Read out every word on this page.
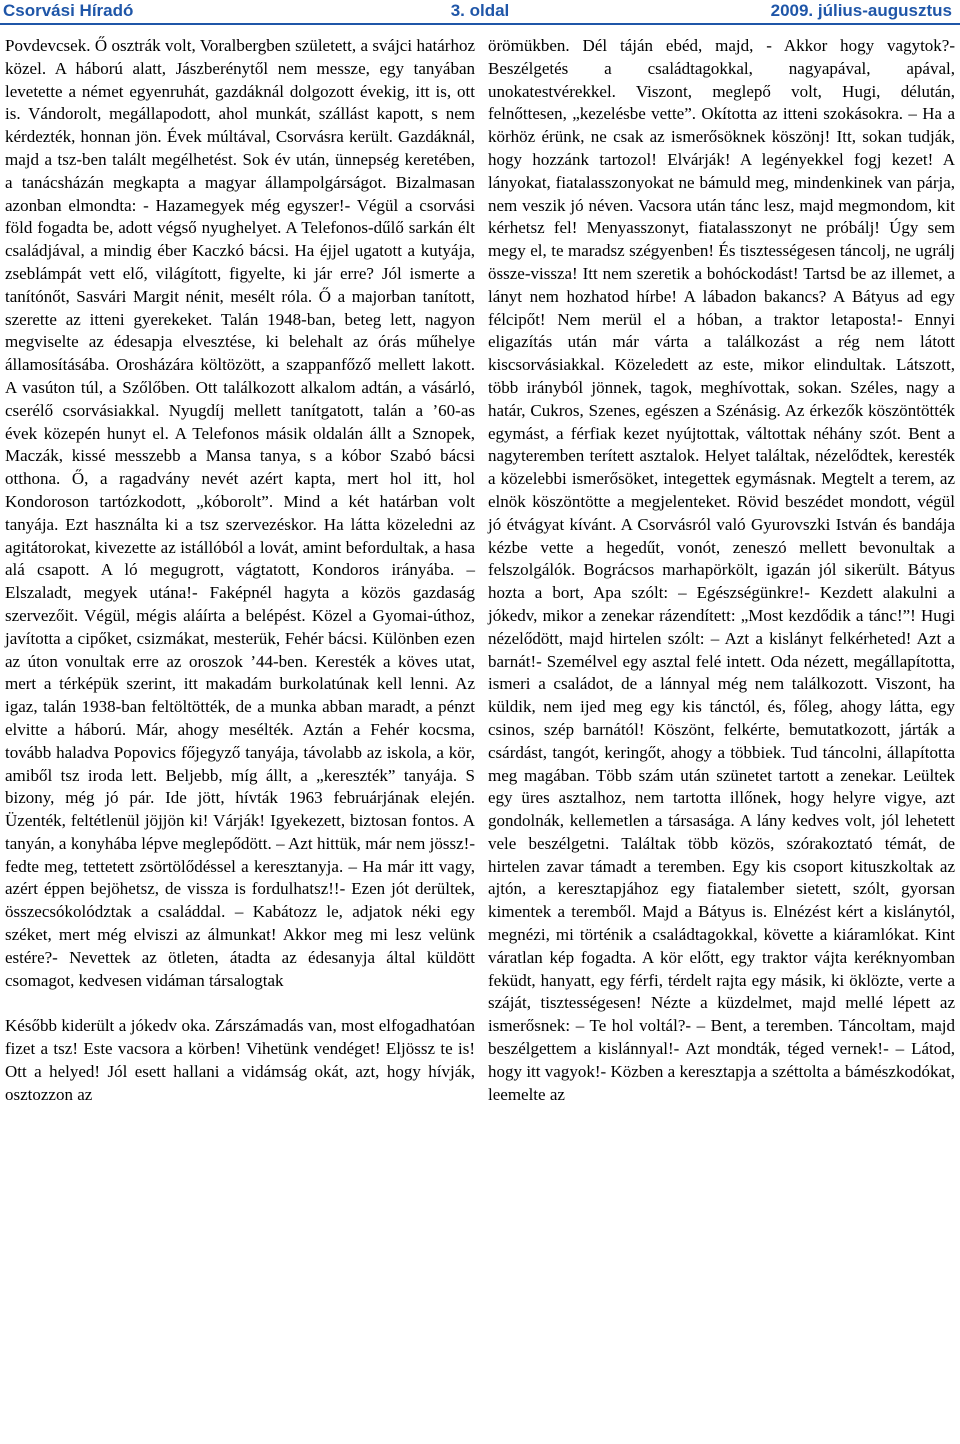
3. oldal
Csorvási Híradó	2009. július-augusztus

Povdevcsek. Ő osztrák volt, Voralbergben született, a svájci határhoz közel. A háború alatt, Jászberénytől nem messze, egy tanyában levetette a német egyenruhát, gazdáknál dolgozott évekig, itt is, ott is. Vándorolt, megállapodott, ahol munkát, szállást kapott, s nem kérdezték, honnan jön. Évek múltával, Csorvásra került. Gazdáknál, majd a tsz-ben talált megélhetést. Sok év után, ünnepség keretében, a tanácsházán megkapta a magyar állampolgárságot. Bizalmasan azonban elmondta: - Hazamegyek még egyszer!- Végül a csorvási föld fogadta be, adott végső nyughelyet. A Telefonos-dűlő sarkán élt családjával, a mindig éber Kaczkó bácsi. Ha éjjel ugatott a kutyája, zseblámpát vett elő, világított, figyelte, ki jár erre? Jól ismerte a tanítónőt, Sasvári Margit nénit, mesélt róla. Ő a majorban tanított, szerette az itteni gyerekeket. Talán 1948-ban, beteg lett, nagyon megviselte az édesapja elvesztése, ki belehalt az órás műhelye államosításába. Orosházára költözött, a szappanfőző mellett lakott. A vasúton túl, a Szőlőben. Ott találkozott alkalom adtán, a vásárló, cserélő csorvásiakkal. Nyugdíj mellett tanítgatott, talán a ’60-as évek közepén hunyt el. A Telefonos másik oldalán állt a Sznopek, Maczák, kissé messzebb a Mansa tanya, s a kóbor Szabó bácsi otthona. Ő, a ragadvány nevét azért kapta, mert hol itt, hol Kondoroson tartózkodott, „kóborolt”. Mind a két határban volt tanyája. Ezt használta ki a tsz szervezéskor. Ha látta közeledni az agitátorokat, kivezette az istállóból a lovát, amint befordultak, a hasa alá csapott. A ló megugrott, vágtatott, Kondoros irányába. – Elszaladt, megyek utána!- Faképnél hagyta a közös gazdaság szervezőit. Végül, mégis aláírta a belépést. Közel a Gyomai-úthoz, javította a cipőket, csizmákat, mesterük, Fehér bácsi. Különben ezen az úton vonultak erre az oroszok ’44-ben. Keresték a köves utat, mert a térképük szerint, itt makadám burkolatúnak kell lenni. Az igaz, talán 1938-ban feltöltötték, de a munka abban maradt, a pénzt elvitte a háború. Már, ahogy mesélték. Aztán a Fehér kocsma, tovább haladva Popovics főjegyző tanyája, távolabb az iskola, a kör, amiből tsz iroda lett. Beljebb, míg állt, a „kereszték” tanyája. S bizony, még jó pár. Ide jött, hívták 1963 februárjának elején. Üzenték, feltétlenül jöjjön ki! Várják! Igyekezett, biztosan fontos. A tanyán, a konyhába lépve meglepődött. – Azt hittük, már nem jössz!- fedte meg, tettetett zsörtölődéssel a keresztanyja. – Ha már itt vagy, azért éppen bejöhetsz, de vissza is fordulhatsz!!- Ezen jót derültek, összecsókolództak a családdal. – Kabátozz le, adjatok néki egy széket, mert még elviszi az álmunkat! Akkor meg mi lesz velünk estére?- Nevettek az ötleten, átadta az édesanyja által küldött csomagot, kedvesen vidáman társalogtak

Később kiderült a jókedv oka. Zárszámadás van, most elfogadhatóan fizet a tsz! Este vacsora a körben! Vihetünk vendéget! Eljössz te is! Ott a helyed! Jól esett hallani a vidámság okát, azt, hogy hívják, osztozzon az

örömükben. Dél táján ebéd, majd, - Akkor hogy vagytok?- Beszélgetés a családtagokkal, nagyapával, apával, unokatestvérekkel. Viszont, meglepő volt, Hugi, délután, felnőttesen, „kezelésbe vette”. Okította az itteni szokásokra. – Ha a körhöz érünk, ne csak az ismerősöknek köszönj! Itt, sokan tudják, hogy hozzánk tartozol! Elvárják! A legényekkel fogj kezet! A lányokat, fiatalasszonyokat ne bámuld meg, mindenkinek van párja, nem veszik jó néven. Vacsora után tánc lesz, majd megmondom, kit kérhetsz fel! Menyasszonyt, fiatalasszonyt ne próbálj! Úgy sem megy el, te maradsz szégyenben! És tisztességesen táncolj, ne ugrálj össze-vissza! Itt nem szeretik a bohóckodást! Tartsd be az illemet, a lányt nem hozhatod hírbe! A lábadon bakancs? A Bátyus ad egy félcipőt! Nem merül el a hóban, a traktor letaposta!- Ennyi eligazítás után már várta a találkozást a rég nem látott kiscsorvásiakkal. Közeledett az este, mikor elindultak. Látszott, több irányból jönnek, tagok, meghívottak, sokan. Széles, nagy a határ, Cukros, Szenes, egészen a Szénásig. Az érkezők köszöntötték egymást, a férfiak kezet nyújtottak, váltottak néhány szót. Bent a nagyteremben terített asztalok. Helyet találtak, nézelődtek, keresték a közelebbi ismerősöket, integettek egymásnak. Megtelt a terem, az elnök köszöntötte a megjelenteket. Rövid beszédet mondott, végül jó étvágyat kívánt. A Csorvásról való Gyurovszki István és bandája kézbe vette a hegedűt, vonót, zeneszó mellett bevonultak a felszolgálók. Bográcsos marhapörkölt, igazán jól sikerült. Bátyus hozta a bort, Apa szólt: – Egészségünkre!- Kezdett alakulni a jókedv, mikor a zenekar rázendített: „Most kezdődik a tánc!”! Hugi nézelődött, majd hirtelen szólt: – Azt a kislányt felkérheted! Azt a barnát!- Személvel egy asztal felé intett. Oda nézett, megállapította, ismeri a családot, de a lánnyal még nem találkozott. Viszont, ha küldik, nem ijed meg egy kis tánctól, és, főleg, ahogy látta, egy csinos, szép barnától! Köszönt, felkérte, bemutatkozott, járták a csárdást, tangót, keringőt, ahogy a többiek. Tud táncolni, állapította meg magában. Több szám után szünetet tartott a zenekar. Leültek egy üres asztalhoz, nem tartotta illőnek, hogy helyre vigye, azt gondolnák, kellemetlen a társasága. A lány kedves volt, jól lehetett vele beszélgetni. Találtak több közös, szórakoztató témát, de hirtelen zavar támadt a teremben. Egy kis csoport kituszkoltak az ajtón, a keresztapjához egy fiatalember sietett, szólt, gyorsan kimentek a teremből. Majd a Bátyus is. Elnézést kért a kislánytól, megnézi, mi történik a családtagokkal, követte a kiáramlókat. Kint váratlan kép fogadta. A kör előtt, egy traktor vájta keréknyomban feküdt, hanyatt, egy férfi, térdelt rajta egy másik, ki öklözte, verte a száját, tisztességesen! Nézte a küzdelmet, majd mellé lépett az ismerősnek: – Te hol voltál?- – Bent, a teremben. Táncoltam, majd beszélgettem a kislánnyal!- Azt mondták, téged vernek!- – Látod, hogy itt vagyok!- Közben a keresztapja a széttolta a bámészkodókat, leemelte az
